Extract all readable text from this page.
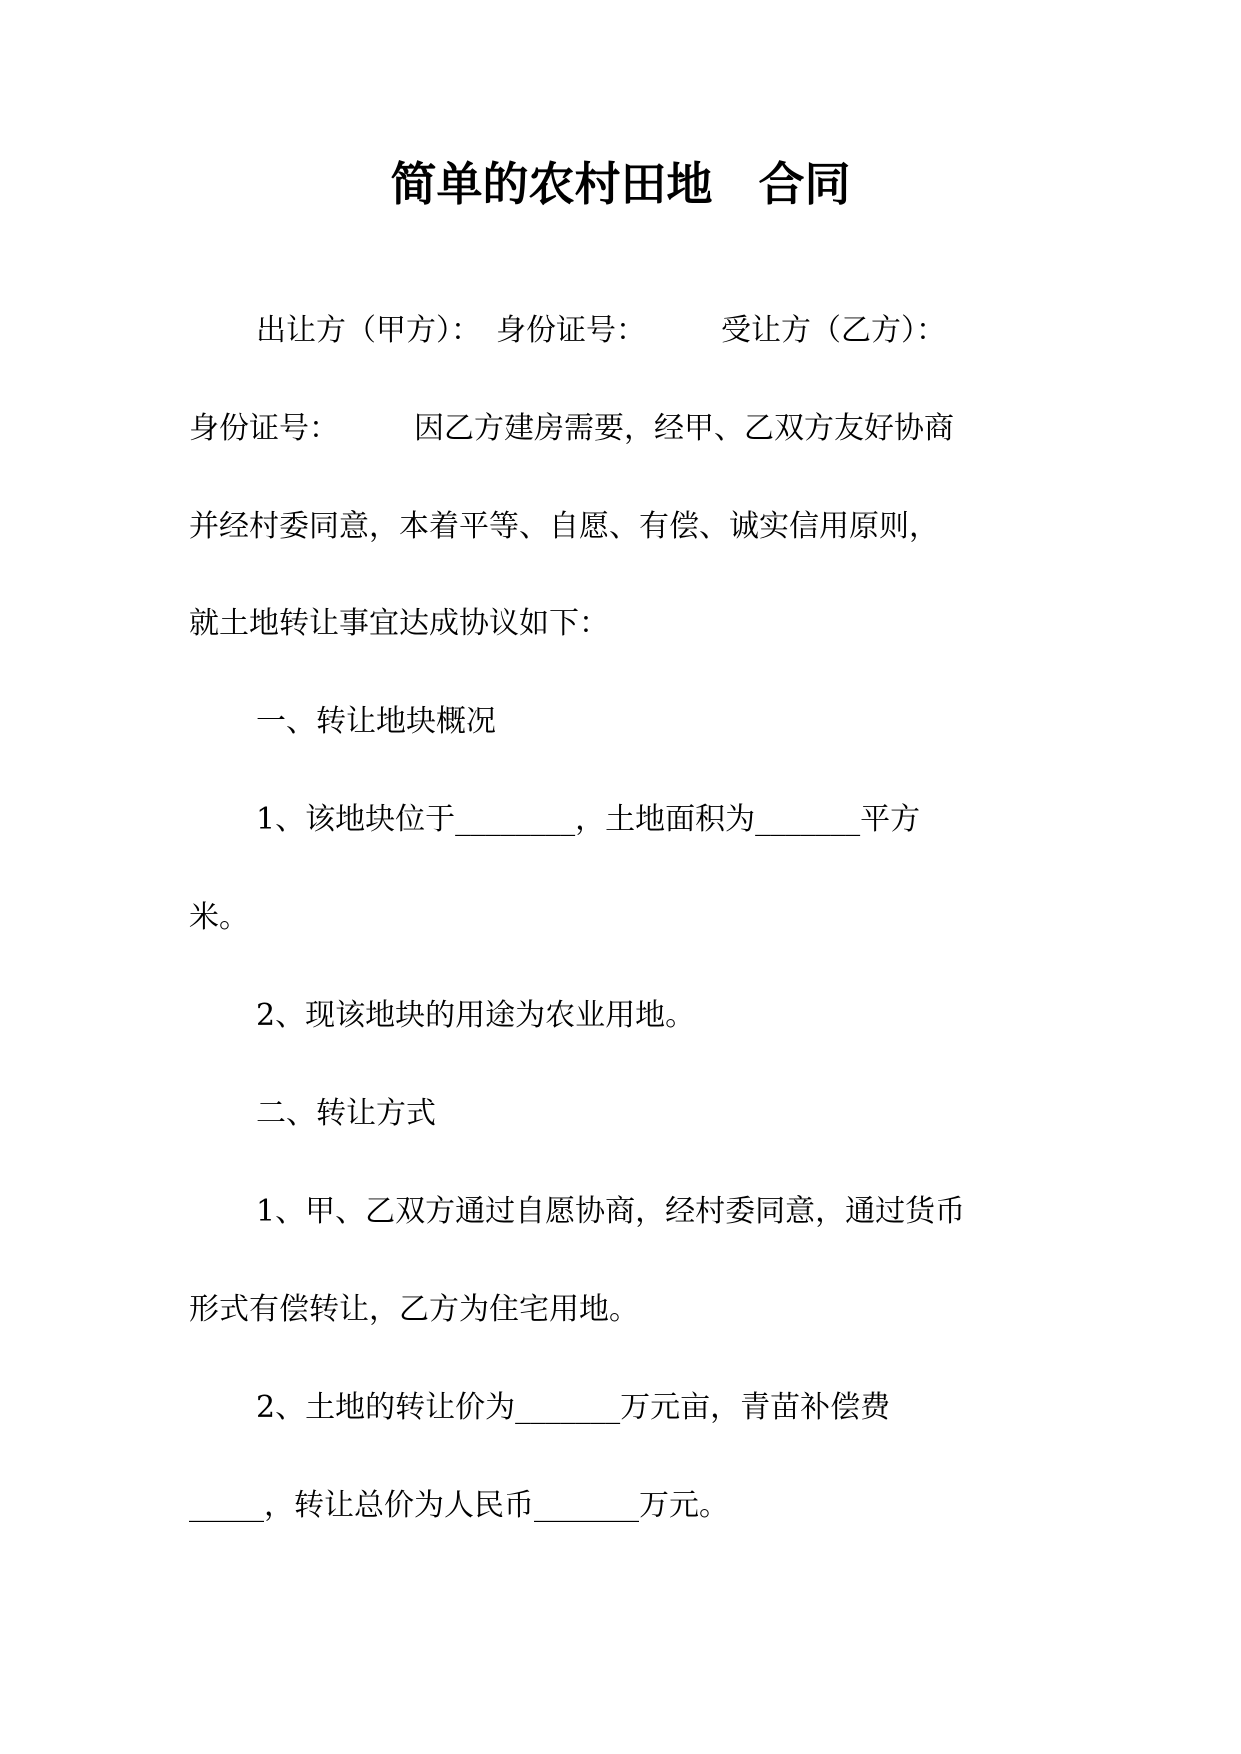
简单的农村田地　合同
出让方（甲方）：　身份证号：　　　受让方（乙方）：
身份证号：　　　因乙方建房需要，经甲、乙双方友好协商
并经村委同意，本着平等、自愿、有偿、诚实信用原则，
就土地转让事宜达成协议如下：
一、转让地块概况
1、该地块位于________，土地面积为_______平方
米。
2、现该地块的用途为农业用地。
二、转让方式
1、甲、乙双方通过自愿协商，经村委同意，通过货币
形式有偿转让，乙方为住宅用地。
2、土地的转让价为_______万元亩，青苗补偿费
_____，转让总价为人民币_______万元。
